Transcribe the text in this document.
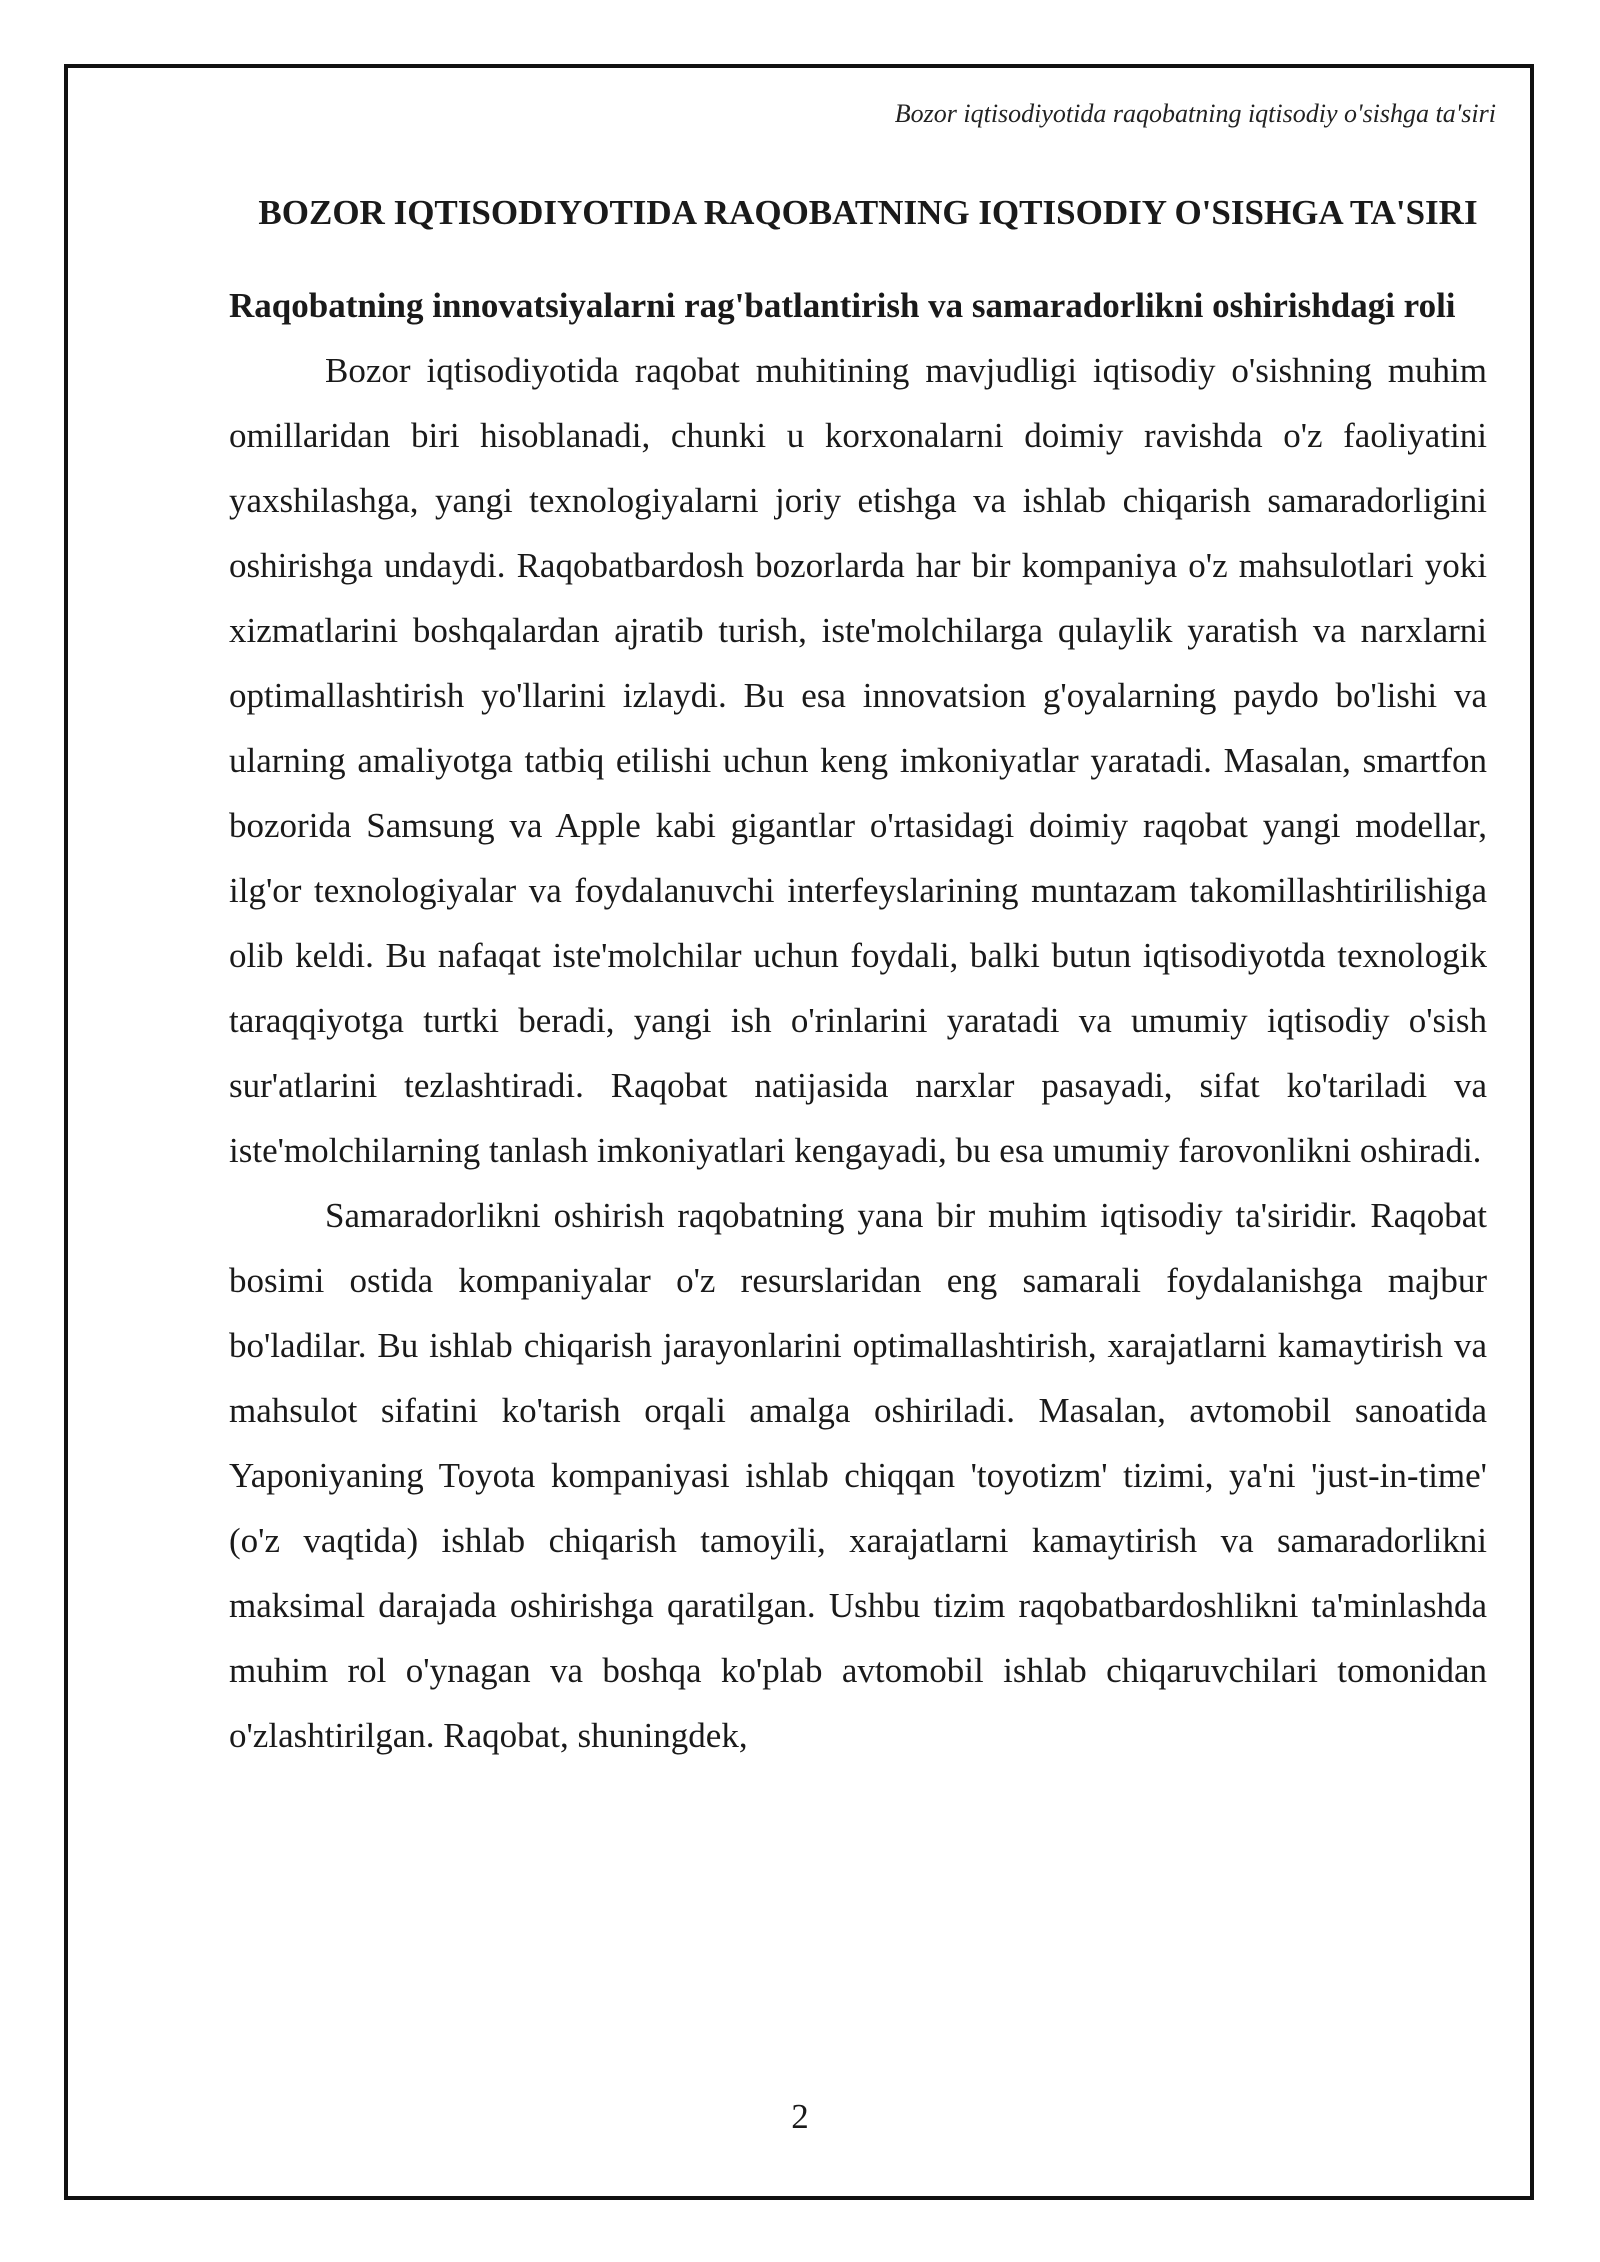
Bozor iqtisodiyotida raqobatning iqtisodiy o'sishga ta'siri
BOZOR IQTISODIYOTIDA RAQOBATNING IQTISODIY O'SISHGA TA'SIRI
Raqobatning innovatsiyalarni rag'batlantirish va samaradorlikni oshirishdagi roli

Bozor iqtisodiyotida raqobat muhitining mavjudligi iqtisodiy o'sishning muhim omillaridan biri hisoblanadi, chunki u korxonalarni doimiy ravishda o'z faoliyatini yaxshilashga, yangi texnologiyalarni joriy etishga va ishlab chiqarish samaradorligini oshirishga undaydi. Raqobatbardosh bozorlarda har bir kompaniya o'z mahsulotlari yoki xizmatlarini boshqalardan ajratib turish, iste'molchilarga qulaylik yaratish va narxlarni optimallashtirish yo'llarini izlaydi. Bu esa innovatsion g'oyalarning paydo bo'lishi va ularning amaliyotga tatbiq etilishi uchun keng imkoniyatlar yaratadi. Masalan, smartfon bozorida Samsung va Apple kabi gigantlar o'rtasidagi doimiy raqobat yangi modellar, ilg'or texnologiyalar va foydalanuvchi interfeyslarining muntazam takomillashtirilishiga olib keldi. Bu nafaqat iste'molchilar uchun foydali, balki butun iqtisodiyotda texnologik taraqqiyotga turtki beradi, yangi ish o'rinlarini yaratadi va umumiy iqtisodiy o'sish sur'atlarini tezlashtiradi. Raqobat natijasida narxlar pasayadi, sifat ko'tariladi va iste'molchilarning tanlash imkoniyatlari kengayadi, bu esa umumiy farovonlikni oshiradi.

Samaradorlikni oshirish raqobatning yana bir muhim iqtisodiy ta'siridir. Raqobat bosimi ostida kompaniyalar o'z resurslaridan eng samarali foydalanishga majbur bo'ladilar. Bu ishlab chiqarish jarayonlarini optimallashtirish, xarajatlarni kamaytirish va mahsulot sifatini ko'tarish orqali amalga oshiriladi. Masalan, avtomobil sanoatida Yaponiyaning Toyota kompaniyasi ishlab chiqqan 'toyotizm' tizimi, ya'ni 'just-in-time' (o'z vaqtida) ishlab chiqarish tamoyili, xarajatlarni kamaytirish va samaradorlikni maksimal darajada oshirishga qaratilgan. Ushbu tizim raqobatbardoshlikni ta'minlashda muhim rol o'ynagan va boshqa ko'plab avtomobil ishlab chiqaruvchilari tomonidan o'zlashtirilgan. Raqobat, shuningdek,

2
